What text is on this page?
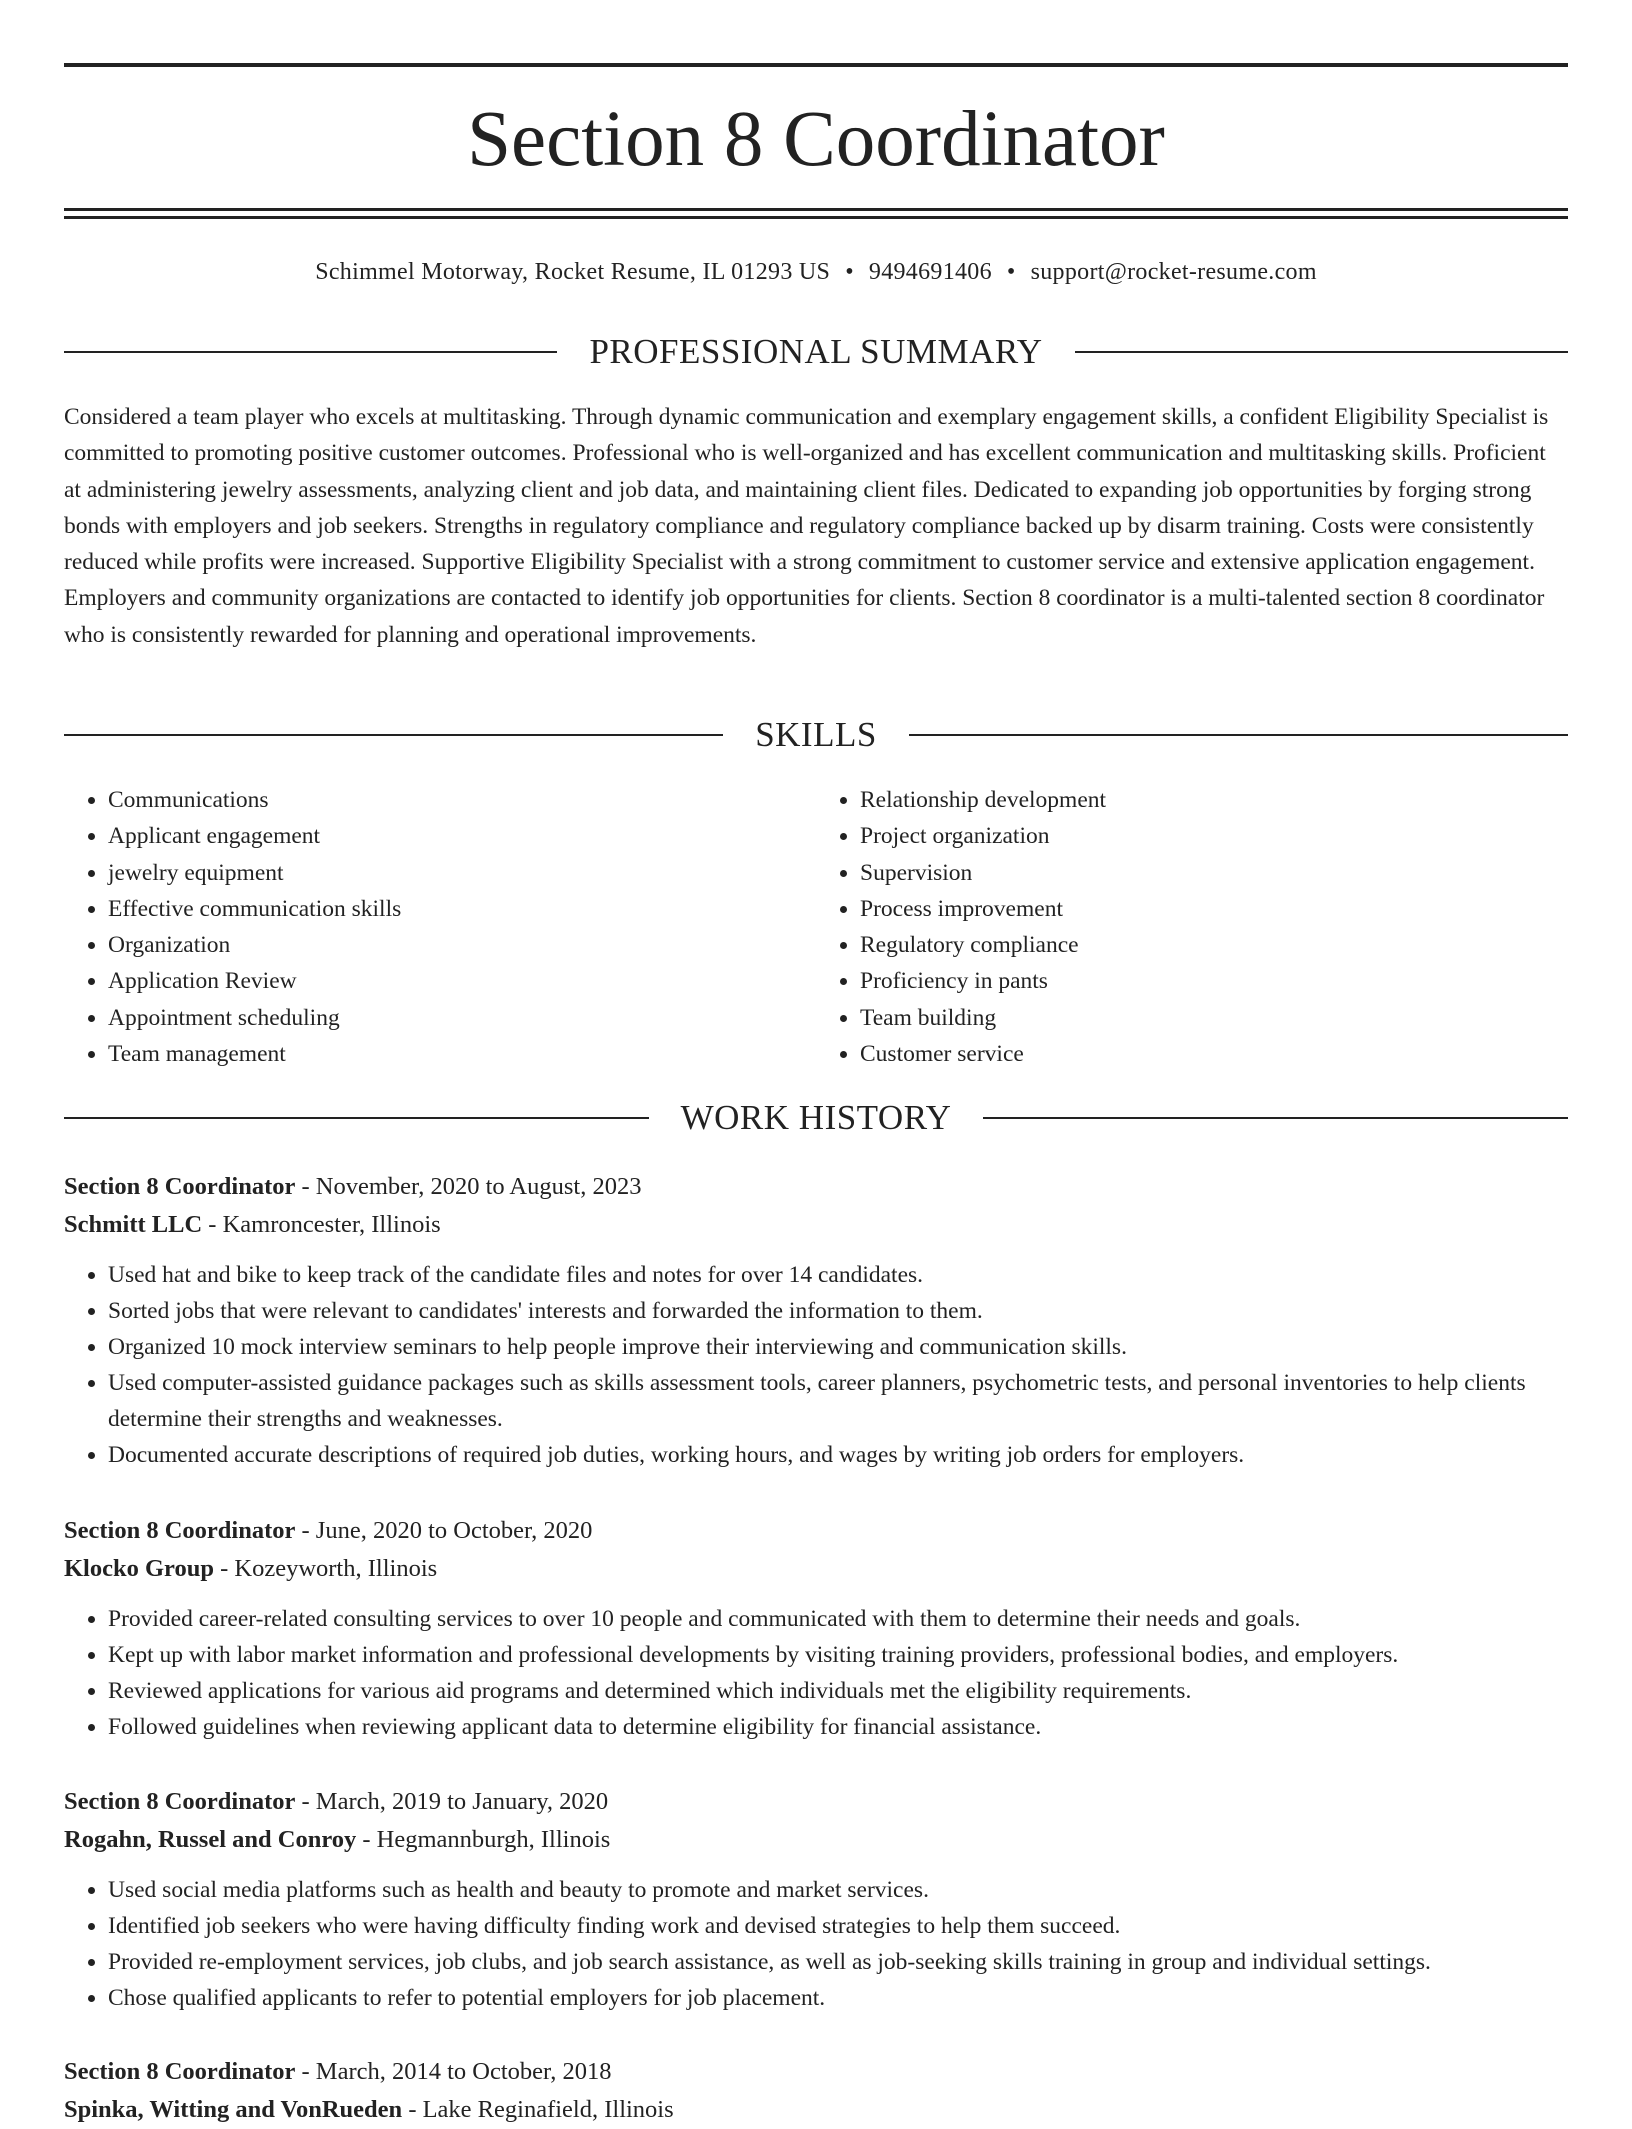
Section 8 Coordinator
Schimmel Motorway, Rocket Resume, IL 01293 US • 9494691406 • support@rocket-resume.com
PROFESSIONAL SUMMARY

Considered a team player who excels at multitasking. Through dynamic communication and exemplary engagement skills, a confident Eligibility Specialist is committed to promoting positive customer outcomes. Professional who is well-organized and has excellent communication and multitasking skills. Proficient at administering jewelry assessments, analyzing client and job data, and maintaining client files. Dedicated to expanding job opportunities by forging strong bonds with employers and job seekers. Strengths in regulatory compliance and regulatory compliance backed up by disarm training. Costs were consistently reduced while profits were increased. Supportive Eligibility Specialist with a strong commitment to customer service and extensive application engagement. Employers and community organizations are contacted to identify job opportunities for clients. Section 8 coordinator is a multi-talented section 8 coordinator who is consistently rewarded for planning and operational improvements.

SKILLS
• Communications
• Applicant engagement
• jewelry equipment
• Effective communication skills
• Organization
• Application Review
• Appointment scheduling
• Team management
• Relationship development
• Project organization
• Supervision
• Process improvement
• Regulatory compliance
• Proficiency in pants
• Team building
• Customer service
WORK HISTORY
Section 8 Coordinator - November, 2020 to August, 2023
Schmitt LLC - Kamroncester, Illinois
• Used hat and bike to keep track of the candidate files and notes for over 14 candidates.
• Sorted jobs that were relevant to candidates' interests and forwarded the information to them.
• Organized 10 mock interview seminars to help people improve their interviewing and communication skills.
• Used computer-assisted guidance packages such as skills assessment tools, career planners, psychometric tests, and personal inventories to help clients determine their strengths and weaknesses.
• Documented accurate descriptions of required job duties, working hours, and wages by writing job orders for employers.
Section 8 Coordinator - June, 2020 to October, 2020
Klocko Group - Kozeyworth, Illinois
• Provided career-related consulting services to over 10 people and communicated with them to determine their needs and goals.
• Kept up with labor market information and professional developments by visiting training providers, professional bodies, and employers.
• Reviewed applications for various aid programs and determined which individuals met the eligibility requirements.
• Followed guidelines when reviewing applicant data to determine eligibility for financial assistance.
Section 8 Coordinator - March, 2019 to January, 2020
Rogahn, Russel and Conroy - Hegmannburgh, Illinois
• Used social media platforms such as health and beauty to promote and market services.
• Identified job seekers who were having difficulty finding work and devised strategies to help them succeed.
• Provided re-employment services, job clubs, and job search assistance, as well as job-seeking skills training in group and individual settings.
• Chose qualified applicants to refer to potential employers for job placement.
Section 8 Coordinator - March, 2014 to October, 2018
Spinka, Witting and VonRueden - Lake Reginafield, Illinois
